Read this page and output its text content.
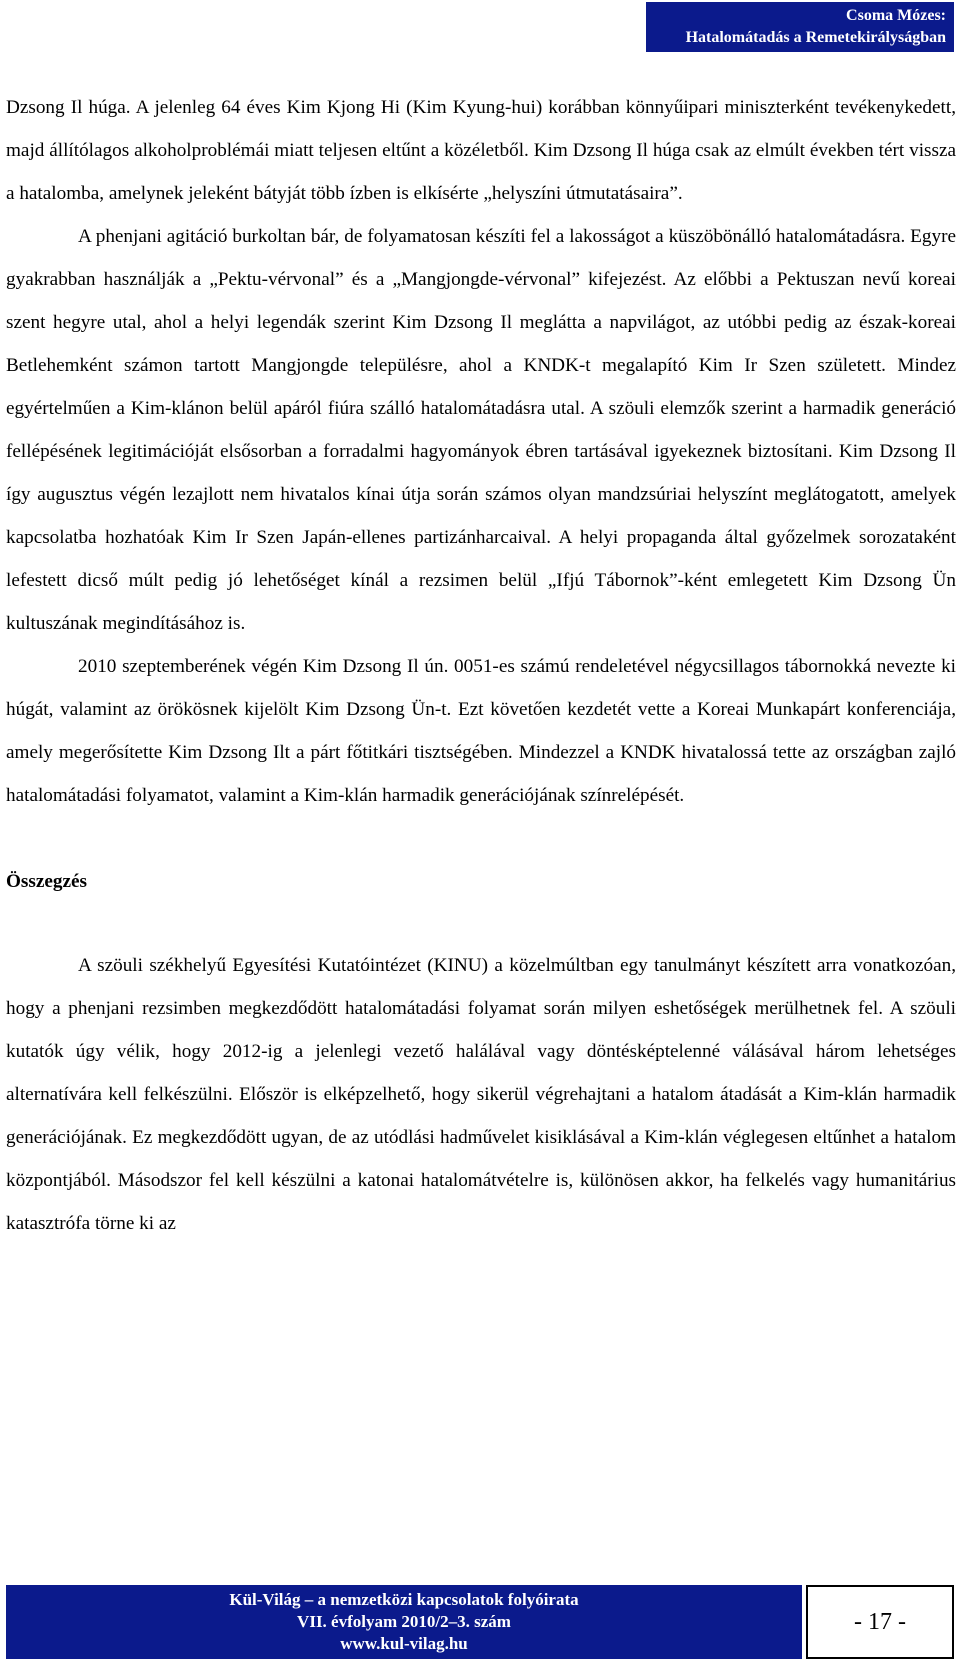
Csoma Mózes:
Hatalomátadás a Remetekirályságban

Dzsong Il húga. A jelenleg 64 éves Kim Kjong Hi (Kim Kyung-hui) korábban könnyűipari miniszterként tevékenykedett, majd állítólagos alkoholproblémái miatt teljesen eltűnt a közéletből. Kim Dzsong Il húga csak az elmúlt években tért vissza a hatalomba, amelynek jeleként bátyját több ízben is elkísérte „helyszíni útmutatásaira”.

A phenjani agitáció burkoltan bár, de folyamatosan készíti fel a lakosságot a küszöbönálló hatalomátadásra. Egyre gyakrabban használják a „Pektu-vérvonal” és a „Mangjongde-vérvonal” kifejezést. Az előbbi a Pektuszan nevű koreai szent hegyre utal, ahol a helyi legendák szerint Kim Dzsong Il meglátta a napvilágot, az utóbbi pedig az észak-koreai Betlehemként számon tartott Mangjongde településre, ahol a KNDK-t megalapító Kim Ir Szen született. Mindez egyértelműen a Kim-klánon belül apáról fiúra szálló hatalomátadásra utal. A szöuli elemzők szerint a harmadik generáció fellépésének legitimációját elsősorban a forradalmi hagyományok ébren tartásával igyekeznek biztosítani. Kim Dzsong Il így augusztus végén lezajlott nem hivatalos kínai útja során számos olyan mandzsúriai helyszínt meglátogatott, amelyek kapcsolatba hozhatóak Kim Ir Szen Japán-ellenes partizánharcaival. A helyi propaganda által győzelmek sorozataként lefestett dicső múlt pedig jó lehetőséget kínál a rezsimen belül „Ifjú Tábornok”-ként emlegetett Kim Dzsong Ün kultuszának megindításához is.

2010 szeptemberének végén Kim Dzsong Il ún. 0051-es számú rendeletével négycsillagos tábornokká nevezte ki húgát, valamint az örökösnek kijelölt Kim Dzsong Ün-t. Ezt követően kezdetét vette a Koreai Munkapárt konferenciája, amely megerősítette Kim Dzsong Ilt a párt főtitkári tisztségében. Mindezzel a KNDK hivatalossá tette az országban zajló hatalomátadási folyamatot, valamint a Kim-klán harmadik generációjának színrelépését.

Összegzés

A szöuli székhelyű Egyesítési Kutatóintézet (KINU) a közelmúltban egy tanulmányt készített arra vonatkozóan, hogy a phenjani rezsimben megkezdődött hatalomátadási folyamat során milyen eshetőségek merülhetnek fel. A szöuli kutatók úgy vélik, hogy 2012-ig a jelenlegi vezető halálával vagy döntésképtelenné válásával három lehetséges alternatívára kell felkészülni. Először is elképzelhető, hogy sikerül végrehajtani a hatalom átadását a Kim-klán harmadik generációjának. Ez megkezdődött ugyan, de az utódlási hadművelet kisiklásával a Kim-klán véglegesen eltűnhet a hatalom központjából. Másodszor fel kell készülni a katonai hatalomátvételre is, különösen akkor, ha felkelés vagy humanitárius katasztrófa törne ki az

Kül-Világ – a nemzetközi kapcsolatok folyóirata
VII. évfolyam 2010/2–3. szám
www.kul-vilag.hu
- 17 -
